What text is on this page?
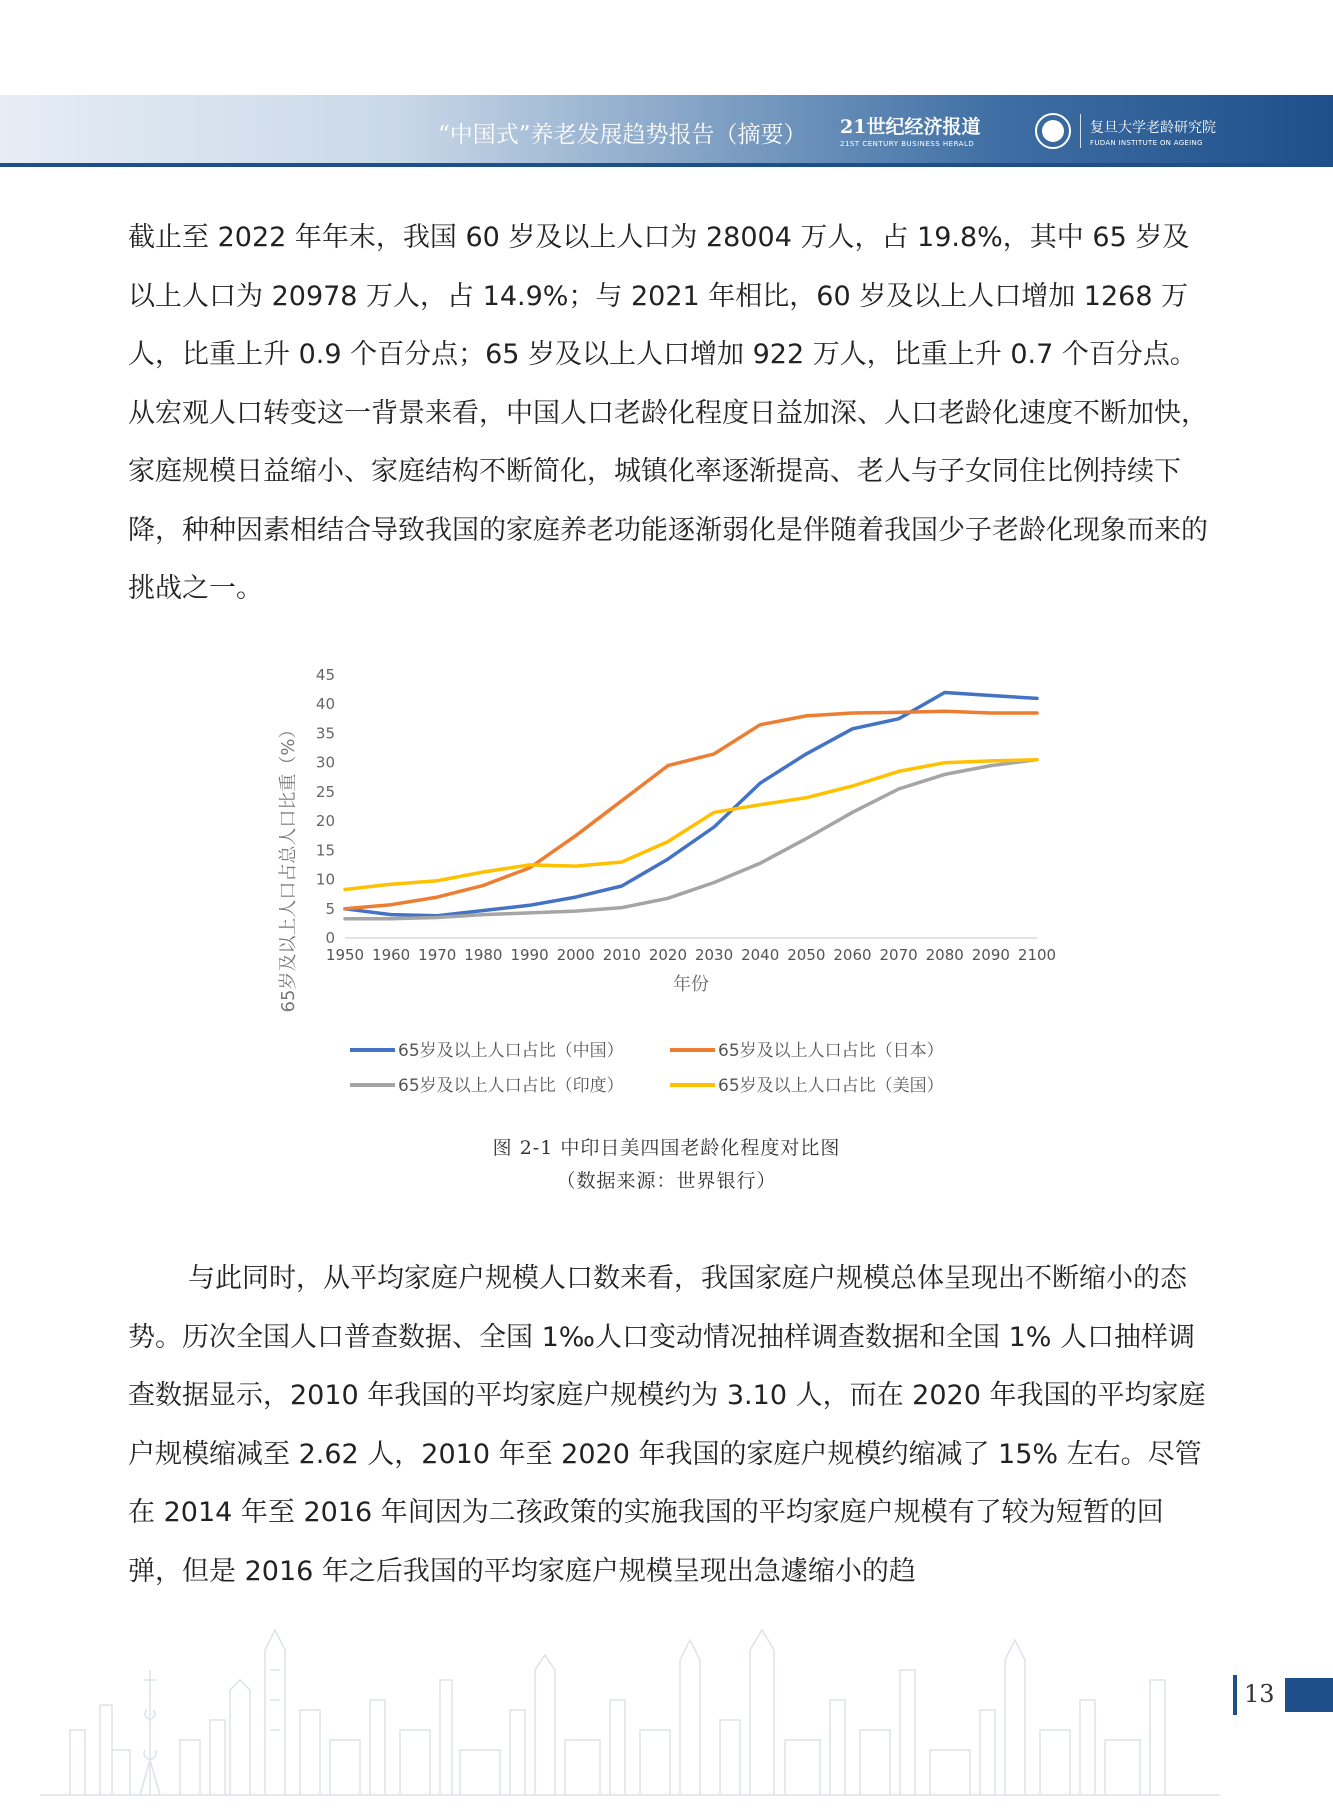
“中国式”养老发展趋势报告（摘要） 21世纪经济报道
21ST CENTURY BUSINESS HERALD
复旦大学老龄研究院
FUDAN INSTITUTE ON AGEING

截止至 2022 年年末，我国 60 岁及以上人口为 28004 万人，占 19.8%，其中 65 岁及以上人口为 20978 万人，占 14.9%；与 2021 年相比，60 岁及以上人口增加 1268 万人，比重上升 0.9 个百分点；65 岁及以上人口增加 922 万人，比重上升 0.7 个百分点。从宏观人口转变这一背景来看，中国人口老龄化程度日益加深、人口老龄化速度不断加快，家庭规模日益缩小、家庭结构不断简化，城镇化率逐渐提高、老人与子女同住比例持续下降，种种因素相结合导致我国的家庭养老功能逐渐弱化是伴随着我国少子老龄化现象而来的挑战之一。

0
5
10
15
20
25
30
35
40
45
1950 1960 1970 1980 1990 2000 2010 2020 2030 2040 2050 2060 2070 2080 2090 2100
年份
65岁及以上人口占总人口比重（%）
65岁及以上人口占比（中国）	65岁及以上人口占比（日本）
65岁及以上人口占比（印度）	65岁及以上人口占比（美国）
图 2-1 中印日美四国老龄化程度对比图
（数据来源：世界银行）

与此同时，从平均家庭户规模人口数来看，我国家庭户规模总体呈现出不断缩小的态势。历次全国人口普查数据、全国 1‰人口变动情况抽样调查数据和全国 1% 人口抽样调查数据显示，2010 年我国的平均家庭户规模约为 3.10 人，而在 2020 年我国的平均家庭户规模缩减至 2.62 人，2010 年至 2020 年我国的家庭户规模约缩减了 15% 左右。尽管在 2014 年至 2016 年间因为二孩政策的实施我国的平均家庭户规模有了较为短暂的回弹，但是 2016 年之后我国的平均家庭户规模呈现出急遽缩小的趋

13
